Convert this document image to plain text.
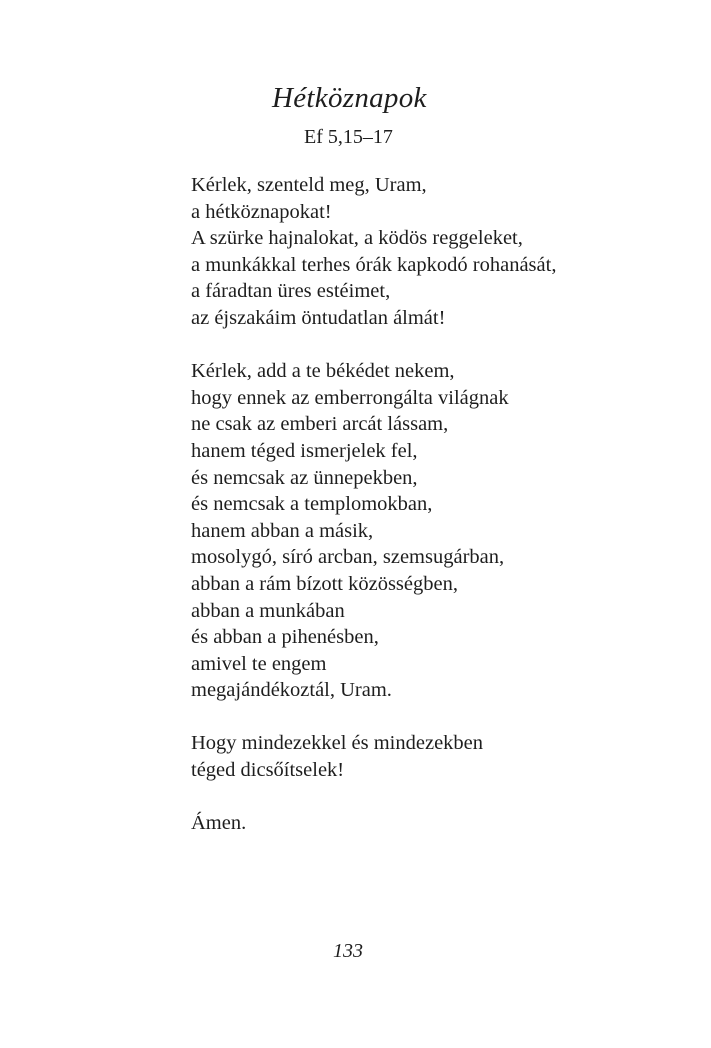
Hétköznapok
Ef 5,15–17
Kérlek, szenteld meg, Uram,
a hétköznapokat!
A szürke hajnalokat, a ködös reggeleket,
a munkákkal terhes órák kapkodó rohanását,
a fáradtan üres estéimet,
az éjszakáim öntudatlan álmát!
Kérlek, add a te békédet nekem,
hogy ennek az emberrongálta világnak
ne csak az emberi arcát lássam,
hanem téged ismerjelek fel,
és nemcsak az ünnepekben,
és nemcsak a templomokban,
hanem abban a másik,
mosolygó, síró arcban, szemsugárban,
abban a rám bízott közösségben,
abban a munkában
és abban a pihenésben,
amivel te engem
megajándékoztál, Uram.
Hogy mindezekkel és mindezekben
téged dicsőítselek!
Ámen.
133
